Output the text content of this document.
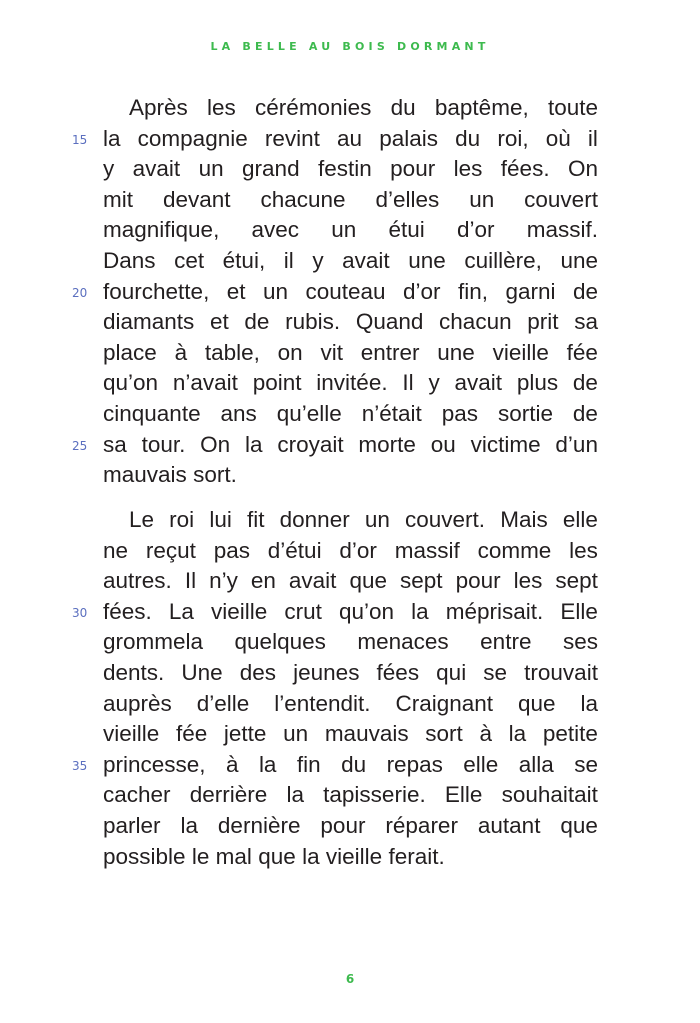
LA BELLE AU BOIS DORMANT
Après les cérémonies du baptême, toute
la compagnie revint au palais du roi, où il
15
y avait un grand festin pour les fées. On
mit devant chacune d’elles un couvert
magnifique, avec un étui d’or massif.
Dans cet étui, il y avait une cuillère, une
fourchette, et un couteau d’or fin, garni de
20
diamants et de rubis. Quand chacun prit sa
place à table, on vit entrer une vieille fée
qu’on n’avait point invitée. Il y avait plus de
cinquante ans qu’elle n’était pas sortie de
sa tour. On la croyait morte ou victime d’un
25
mauvais sort.
Le roi lui fit donner un couvert. Mais elle
ne reçut pas d’étui d’or massif comme les
autres. Il n’y en avait que sept pour les sept
fées. La vieille crut qu’on la méprisait. Elle
30
grommela quelques menaces entre ses
dents. Une des jeunes fées qui se trouvait
auprès d’elle l’entendit. Craignant que la
vieille fée jette un mauvais sort à la petite
princesse, à la fin du repas elle alla se
35
cacher derrière la tapisserie. Elle souhaitait
parler la dernière pour réparer autant que
possible le mal que la vieille ferait.
6
